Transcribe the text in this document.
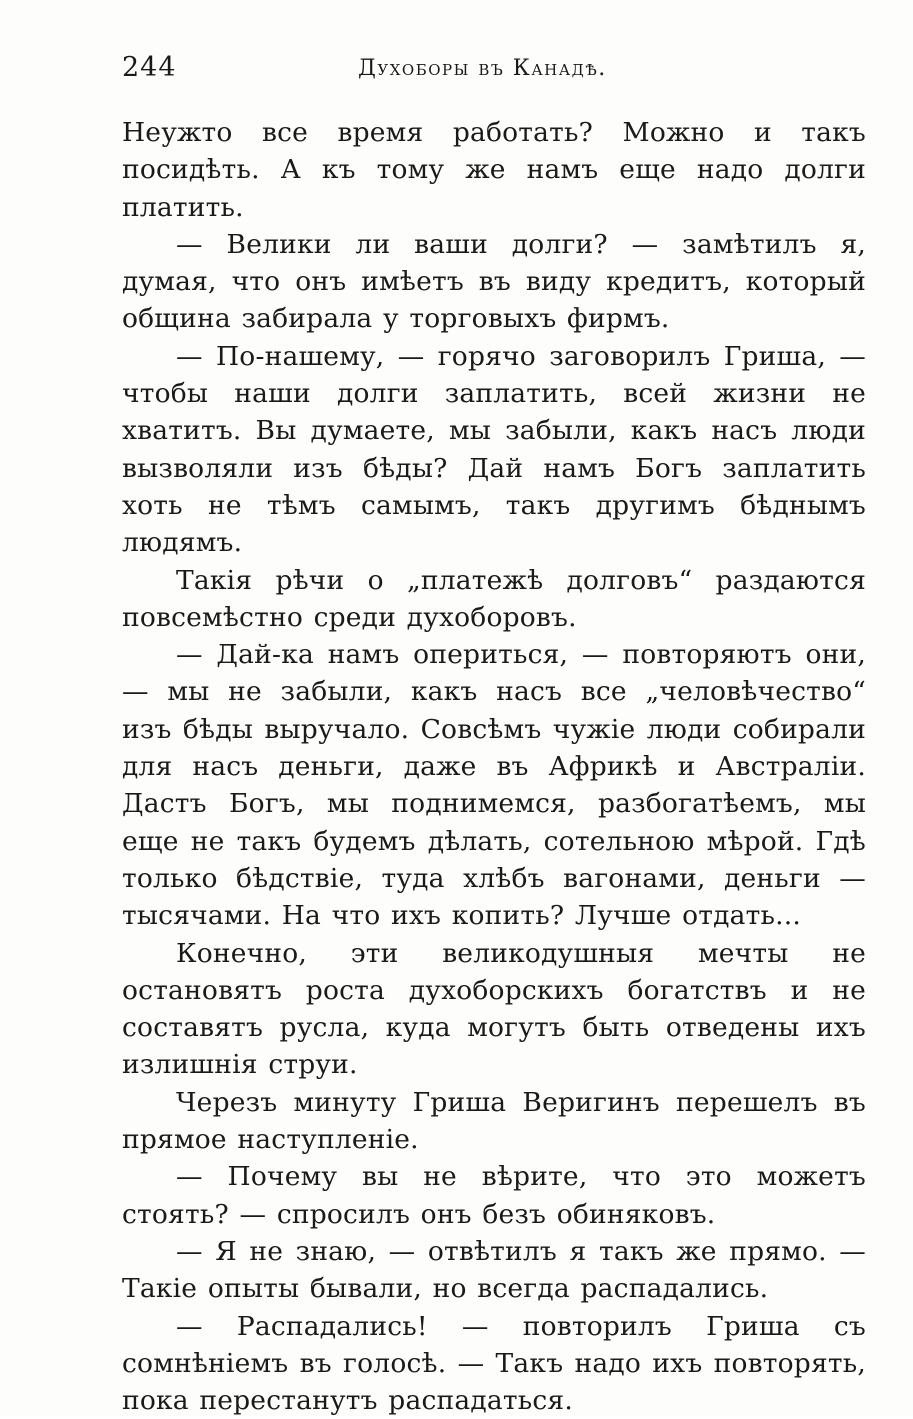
244	Духоборы въ Канадѣ.

Неужто все время работать? Можно и такъ посидѣть. А къ тому же намъ еще надо долги платить.

— Велики ли ваши долги? — замѣтилъ я, думая, что онъ имѣетъ въ виду кредитъ, который община забирала у торговыхъ фирмъ.

— По-нашему, — горячо заговорилъ Гриша, — чтобы наши долги заплатить, всей жизни не хватитъ. Вы думаете, мы забыли, какъ насъ люди вызволяли изъ бѣды? Дай намъ Богъ заплатить хоть не тѣмъ самымъ, такъ другимъ бѣднымъ людямъ.

Такія рѣчи о „платежѣ долговъ“ раздаются повсемѣстно среди духоборовъ.

— Дай-ка намъ опериться, — повторяютъ они, — мы не забыли, какъ насъ все „человѣчество“ изъ бѣды выручало. Совсѣмъ чужіе люди собирали для насъ деньги, даже въ Африкѣ и Австраліи. Дастъ Богъ, мы поднимемся, разбогатѣемъ, мы еще не такъ будемъ дѣлать, сотельною мѣрой. Гдѣ только бѣдствіе, туда хлѣбъ вагонами, деньги — тысячами. На что ихъ копить? Лучше отдать...

Конечно, эти великодушныя мечты не остановятъ роста духоборскихъ богатствъ и не составятъ русла, куда могутъ быть отведены ихъ излишнія струи.

Черезъ минуту Гриша Веригинъ перешелъ въ прямое наступленіе.

— Почему вы не вѣрите, что это можетъ стоять? — спросилъ онъ безъ обиняковъ.

— Я не знаю, — отвѣтилъ я такъ же прямо. — Такіе опыты бывали, но всегда распадались.

— Распадались! — повторилъ Гриша съ сомнѣніемъ въ голосѣ. — Такъ надо ихъ повторять, пока перестанутъ распадаться.
